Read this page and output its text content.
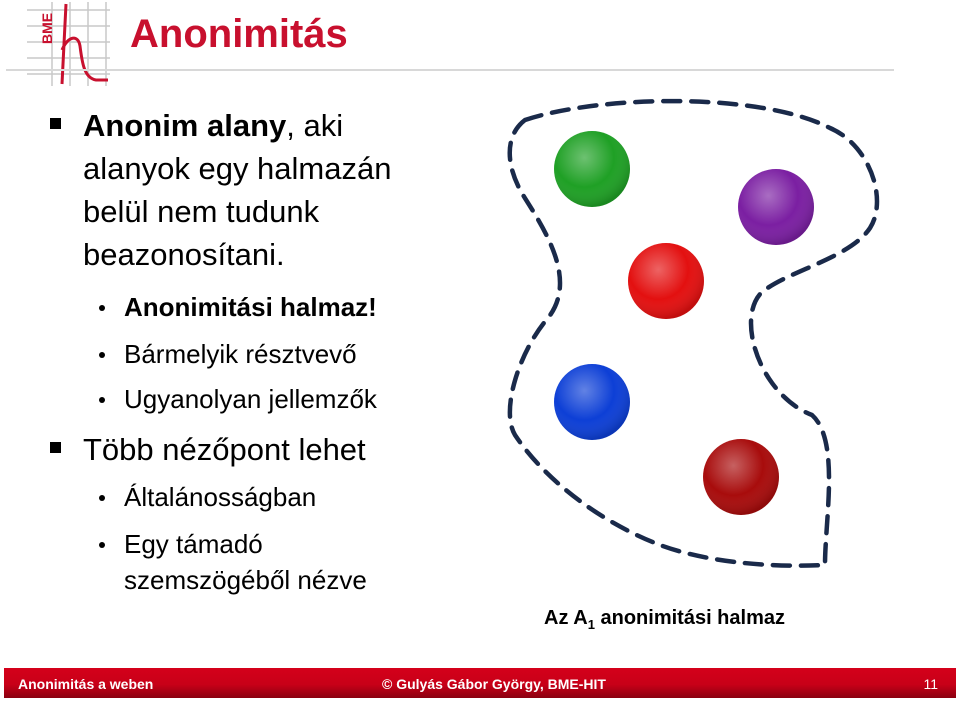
BME Anonimitás
Anonim alany, aki
alanyok egy halmazán
belül nem tudunk
beazonosítani.
Anonimitási halmaz!
Bármelyik résztvevő
Ugyanolyan jellemzők
Több nézőpont lehet
Általánosságban
Egy támadó
szemszögéből nézve
Az $A_1$ anonimitási halmaz
Anonimitás a weben	© Gulyás Gábor György, BME-HIT	11
